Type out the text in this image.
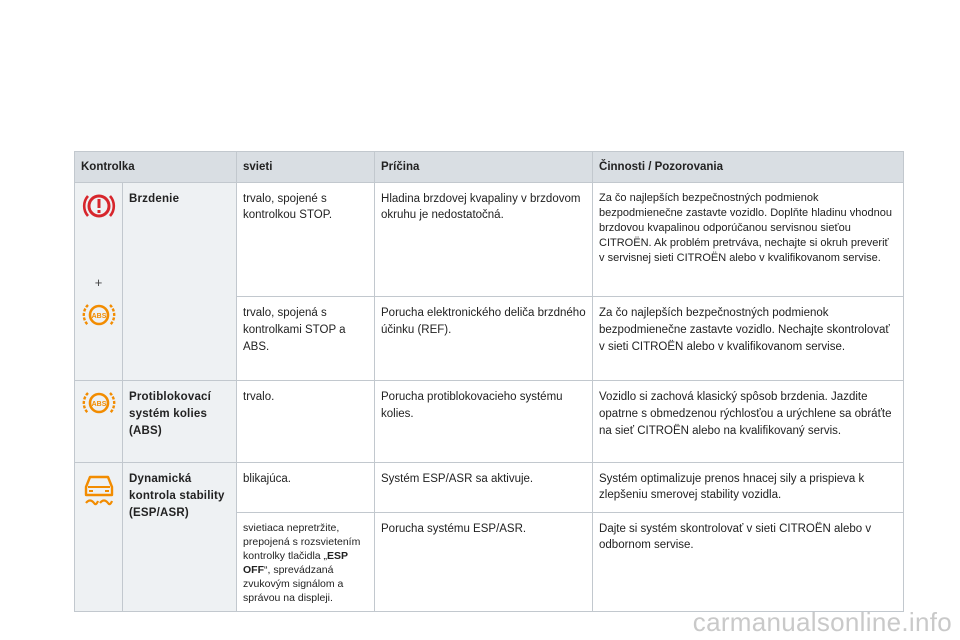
Kontrolka		svieti	Príčina	Činnosti / Pozorovania

+
ABS	Brzdenie	trvalo, spojené s kontrolkou STOP.	Hladina brzdovej kvapaliny v brzdovom okruhu je nedostatočná.	Za čo najlepších bezpečnostných podmienok bezpodmienečne zastavte vozidlo. Doplňte hladinu vhodnou brzdovou kvapalinou odporúčanou servisnou sieťou CITROËN. Ak problém pretrváva, nechajte si okruh preveriť v servisnej sieti CITROËN alebo v kvalifikovanom servise.
		trvalo, spojená s kontrolkami STOP a ABS.	Porucha elektronického deliča brzdného účinku (REF).	Za čo najlepších bezpečnostných podmienok bezpodmienečne zastavte vozidlo. Nechajte skontrolovať v sieti CITROËN alebo v kvalifikovanom servise.

ABS	Protiblokovací systém kolies (ABS)	trvalo.	Porucha protiblokovacieho systému kolies.	Vozidlo si zachová klasický spôsob brzdenia. Jazdite opatrne s obmedzenou rýchlosťou a urýchlene sa obráťte na sieť CITROËN alebo na kvalifikovaný servis.

	Dynamická kontrola stability (ESP/ASR)	blikajúca.	Systém ESP/ASR sa aktivuje.	Systém optimalizuje prenos hnacej sily a prispieva k zlepšeniu smerovej stability vozidla.
		svietiaca nepretržite, prepojená s rozsvietením kontrolky tlačidla „ESP OFF“, sprevádzaná zvukovým signálom a správou na displeji.	Porucha systému ESP/ASR.	Dajte si systém skontrolovať v sieti CITROËN alebo v odbornom servise.
carmanualsonline.info
